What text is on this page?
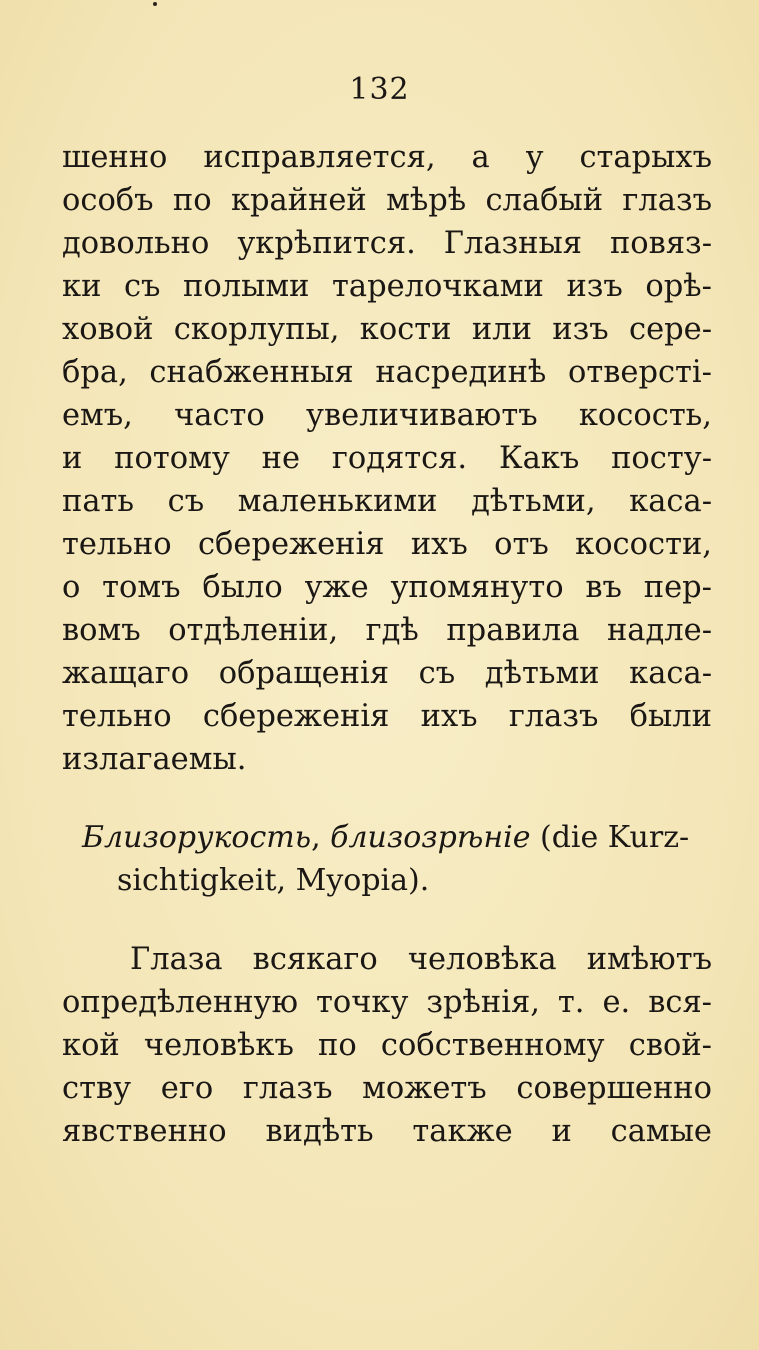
132
шенно исправляется, а у старыхъ
особъ по крайней мѣрѣ слабый глазъ
довольно укрѣпится. Глазныя повяз-
ки съ полыми тарелочками изъ орѣ-
ховой скорлупы, кости или изъ сере-
бра, снабженныя насрединѣ отверсті-
емъ, часто увеличиваютъ косость,
и потому не годятся. Какъ посту-
пать съ маленькими дѣтьми, каса-
тельно сбереженія ихъ отъ косости,
о томъ было уже упомянуто въ пер-
вомъ отдѣленіи, гдѣ правила надле-
жащаго обращенія съ дѣтьми каса-
тельно сбереженія ихъ глазъ были
излагаемы.
Близорукость, близозрѣніе (die Kurz-
sichtigkeit, Myopia).
Глаза всякаго человѣка имѣютъ
опредѣленную точку зрѣнія, т. е. вся-
кой человѣкъ по собственному свой-
ству его глазъ можетъ совершенно
явственно видѣть также и самые
